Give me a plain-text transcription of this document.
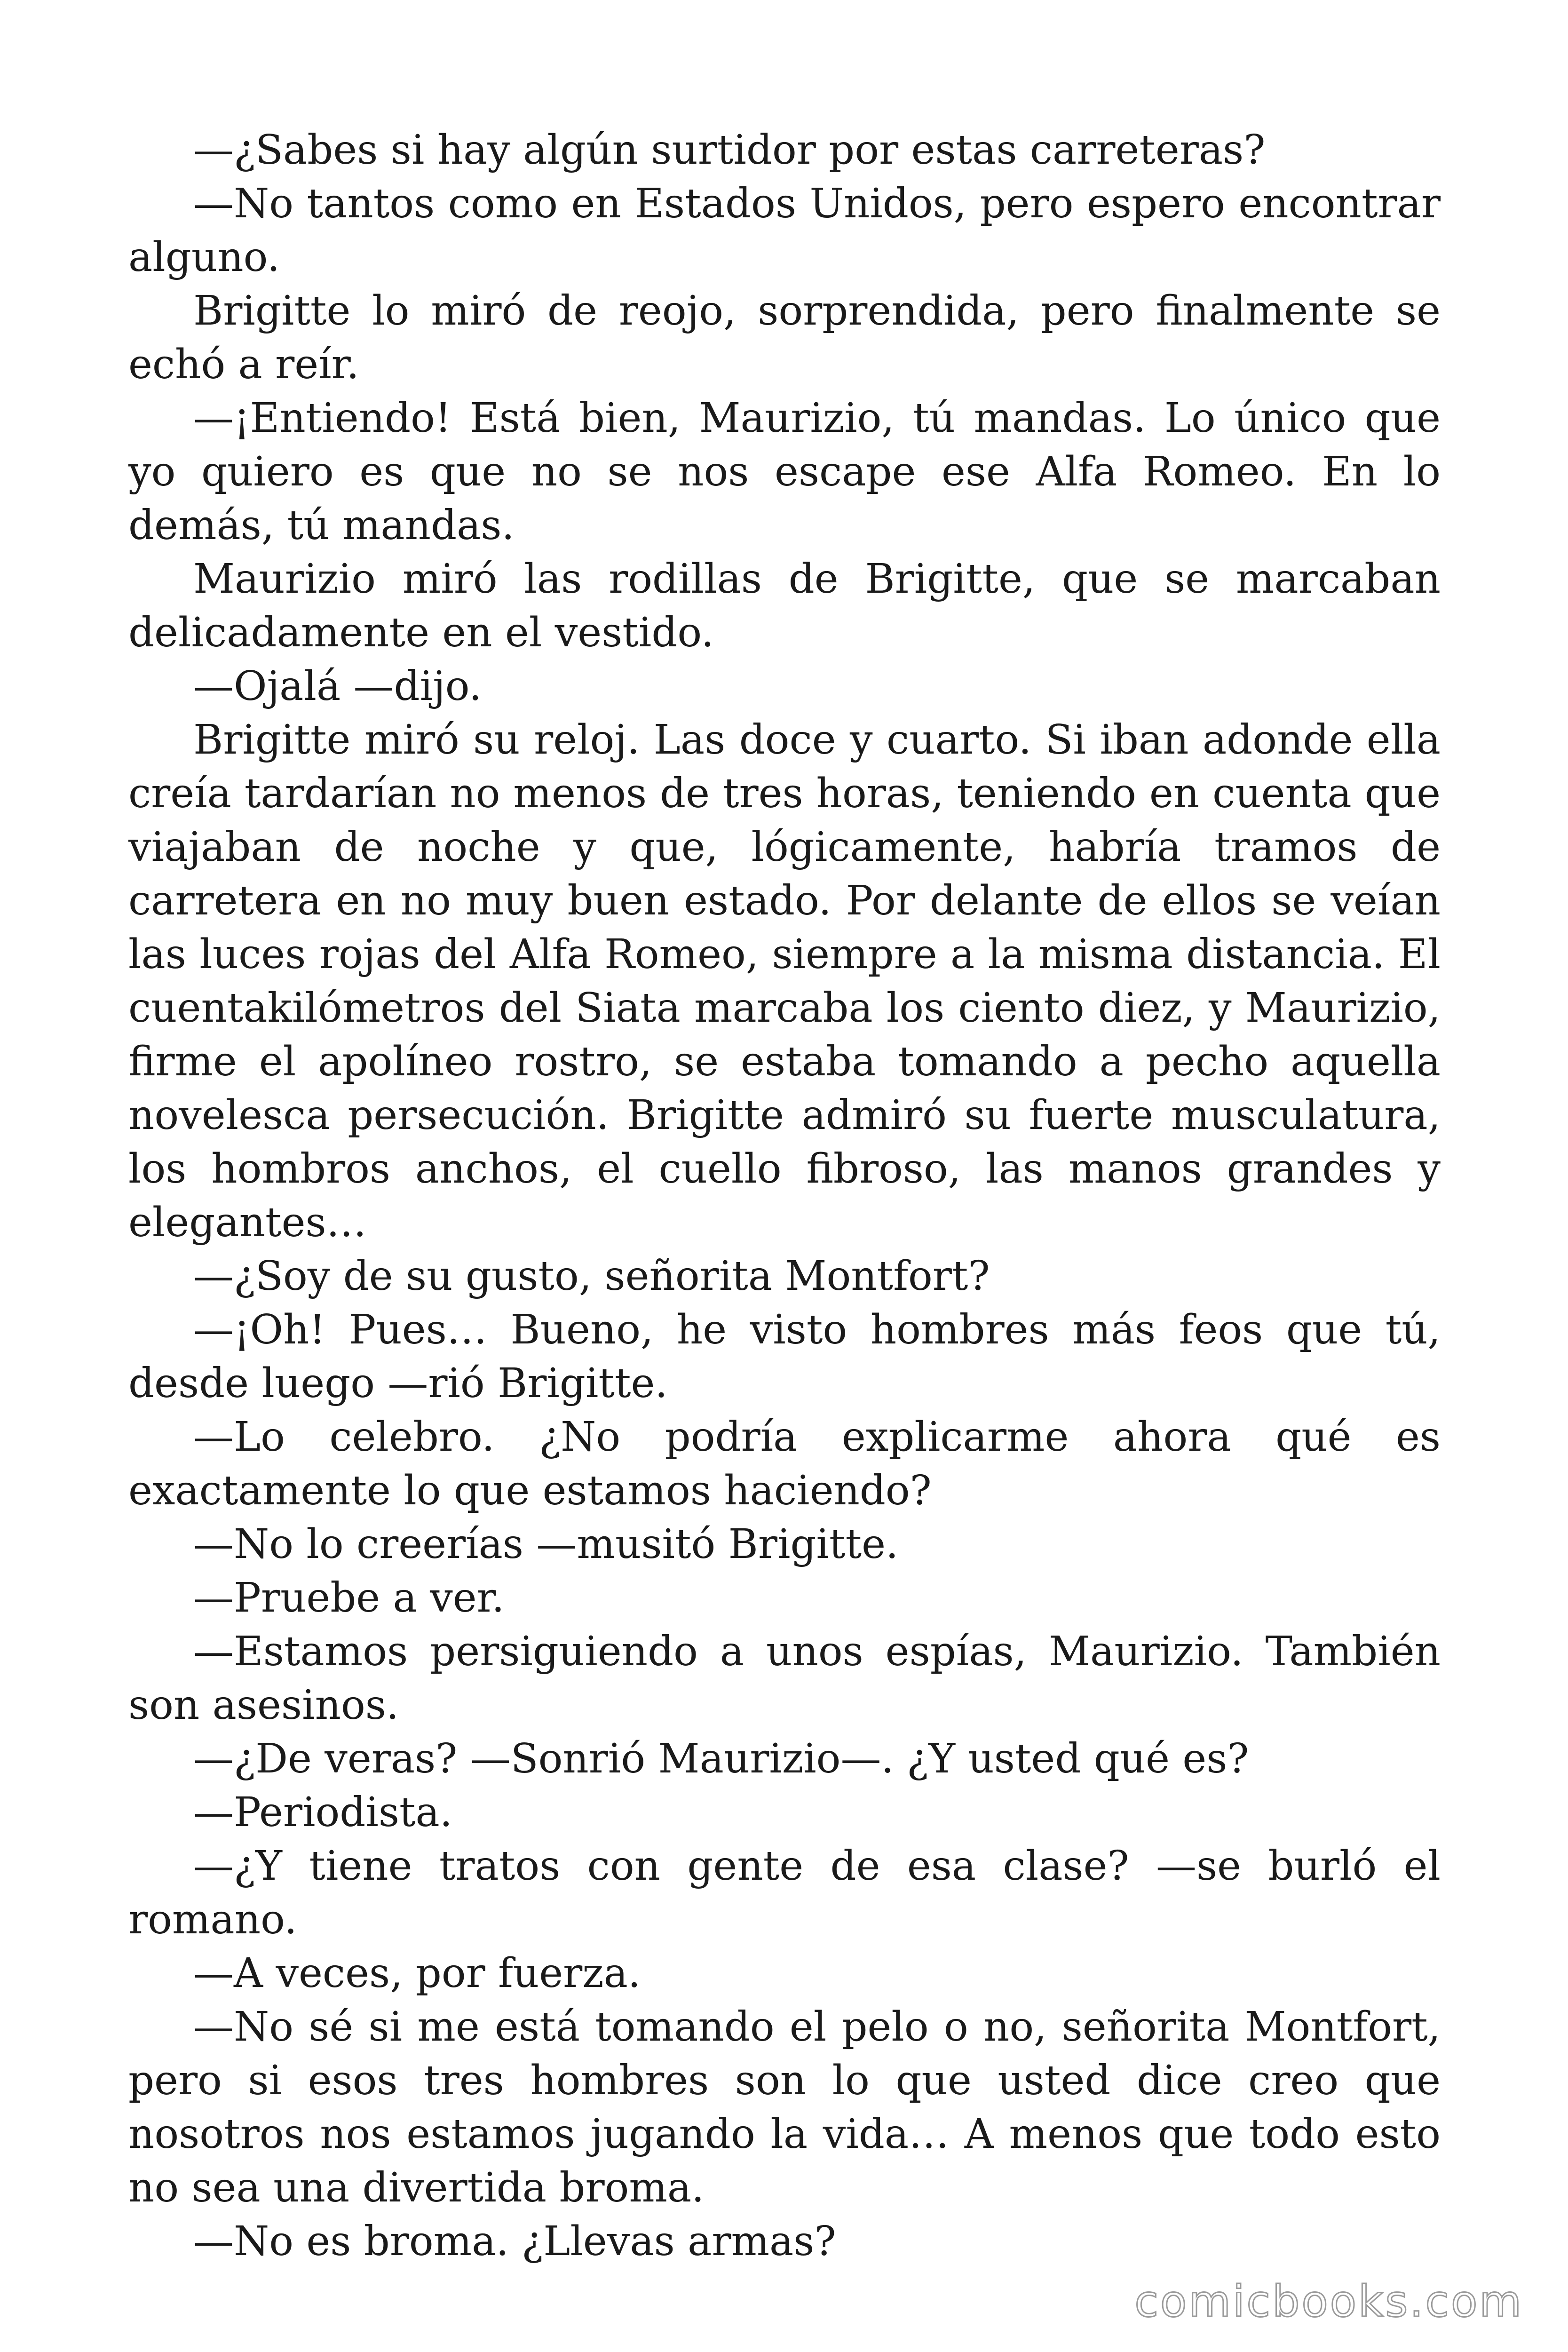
—¿Sabes si hay algún surtidor por estas carreteras?

—No tantos como en Estados Unidos, pero espero encontrar alguno.

Brigitte lo miró de reojo, sorprendida, pero finalmente se echó a reír.

—¡Entiendo! Está bien, Maurizio, tú mandas. Lo único que yo quiero es que no se nos escape ese Alfa Romeo. En lo demás, tú mandas.

Maurizio miró las rodillas de Brigitte, que se marcaban delicadamente en el vestido.

—Ojalá —dijo.

Brigitte miró su reloj. Las doce y cuarto. Si iban adonde ella creía tardarían no menos de tres horas, teniendo en cuenta que viajaban de noche y que, lógicamente, habría tramos de carretera en no muy buen estado. Por delante de ellos se veían las luces rojas del Alfa Romeo, siempre a la misma distancia. El cuentakilómetros del Siata marcaba los ciento diez, y Maurizio, firme el apolíneo rostro, se estaba tomando a pecho aquella novelesca persecución. Brigitte admiró su fuerte musculatura, los hombros anchos, el cuello fibroso, las manos grandes y elegantes…

—¿Soy de su gusto, señorita Montfort?

—¡Oh! Pues… Bueno, he visto hombres más feos que tú, desde luego —rió Brigitte.

—Lo celebro. ¿No podría explicarme ahora qué es exactamente lo que estamos haciendo?

—No lo creerías —musitó Brigitte.

—Pruebe a ver.

—Estamos persiguiendo a unos espías, Maurizio. También son asesinos.

—¿De veras? —Sonrió Maurizio—. ¿Y usted qué es?

—Periodista.

—¿Y tiene tratos con gente de esa clase? —se burló el romano.

—A veces, por fuerza.

—No sé si me está tomando el pelo o no, señorita Montfort, pero si esos tres hombres son lo que usted dice creo que nosotros nos estamos jugando la vida… A menos que todo esto no sea una divertida broma.

—No es broma. ¿Llevas armas?

comicbooks.com
